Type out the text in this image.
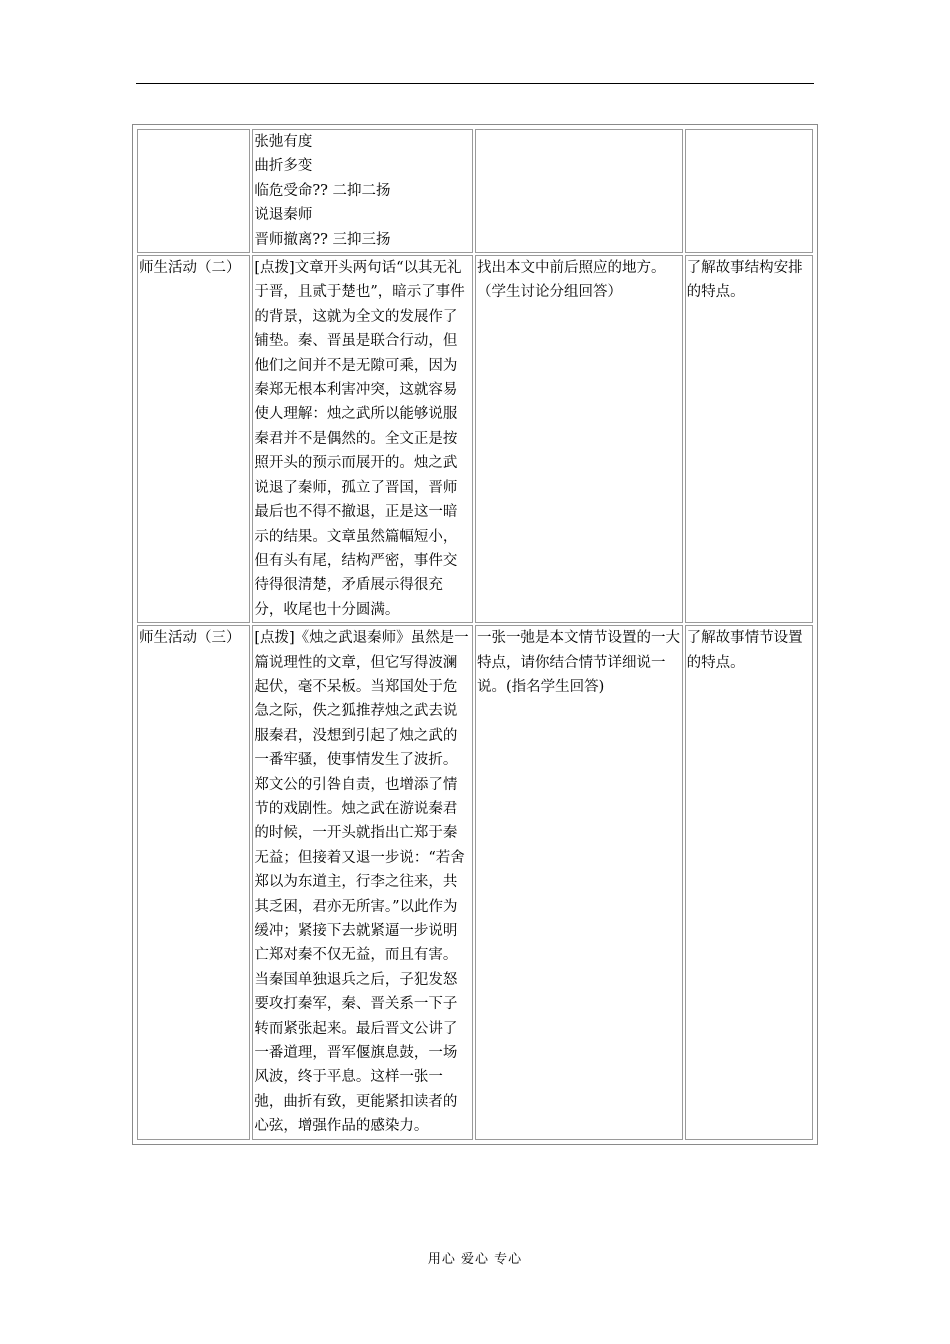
	张弛有度
曲折多变
临危受命?? 二抑二扬
说退秦师
晋师撤离?? 三抑三扬		

师生活动（二）	[点拨]文章开头两句话“以其无礼于晋，且贰于楚也”，暗示了事件的背景，这就为全文的发展作了铺垫。秦、晋虽是联合行动，但他们之间并不是无隙可乘，因为秦郑无根本利害冲突，这就容易使人理解：烛之武所以能够说服秦君并不是偶然的。全文正是按照开头的预示而展开的。烛之武说退了秦师，孤立了晋国，晋师最后也不得不撤退，正是这一暗示的结果。文章虽然篇幅短小，但有头有尾，结构严密，事件交待得很清楚，矛盾展示得很充分，收尾也十分圆满。	找出本文中前后照应的地方。（学生讨论分组回答）	了解故事结构安排的特点。
师生活动（三）	[点拨]《烛之武退秦师》虽然是一篇说理性的文章，但它写得波澜起伏，毫不呆板。当郑国处于危急之际，佚之狐推荐烛之武去说服秦君，没想到引起了烛之武的一番牢骚，使事情发生了波折。郑文公的引咎自责，也增添了情节的戏剧性。烛之武在游说秦君的时候，一开头就指出亡郑于秦无益；但接着又退一步说：“若舍郑以为东道主，行李之往来，共其乏困，君亦无所害。”以此作为缓冲；紧接下去就紧逼一步说明亡郑对秦不仅无益，而且有害。当秦国单独退兵之后，子犯发怒要攻打秦军，秦、晋关系一下子转而紧张起来。最后晋文公讲了一番道理，晋军偃旗息鼓，一场风波，终于平息。这样一张一弛，曲折有致，更能紧扣读者的心弦，增强作品的感染力。	一张一弛是本文情节设置的一大特点，请你结合情节详细说一说。(指名学生回答)	了解故事情节设置的特点。
用心 爱心 专心
